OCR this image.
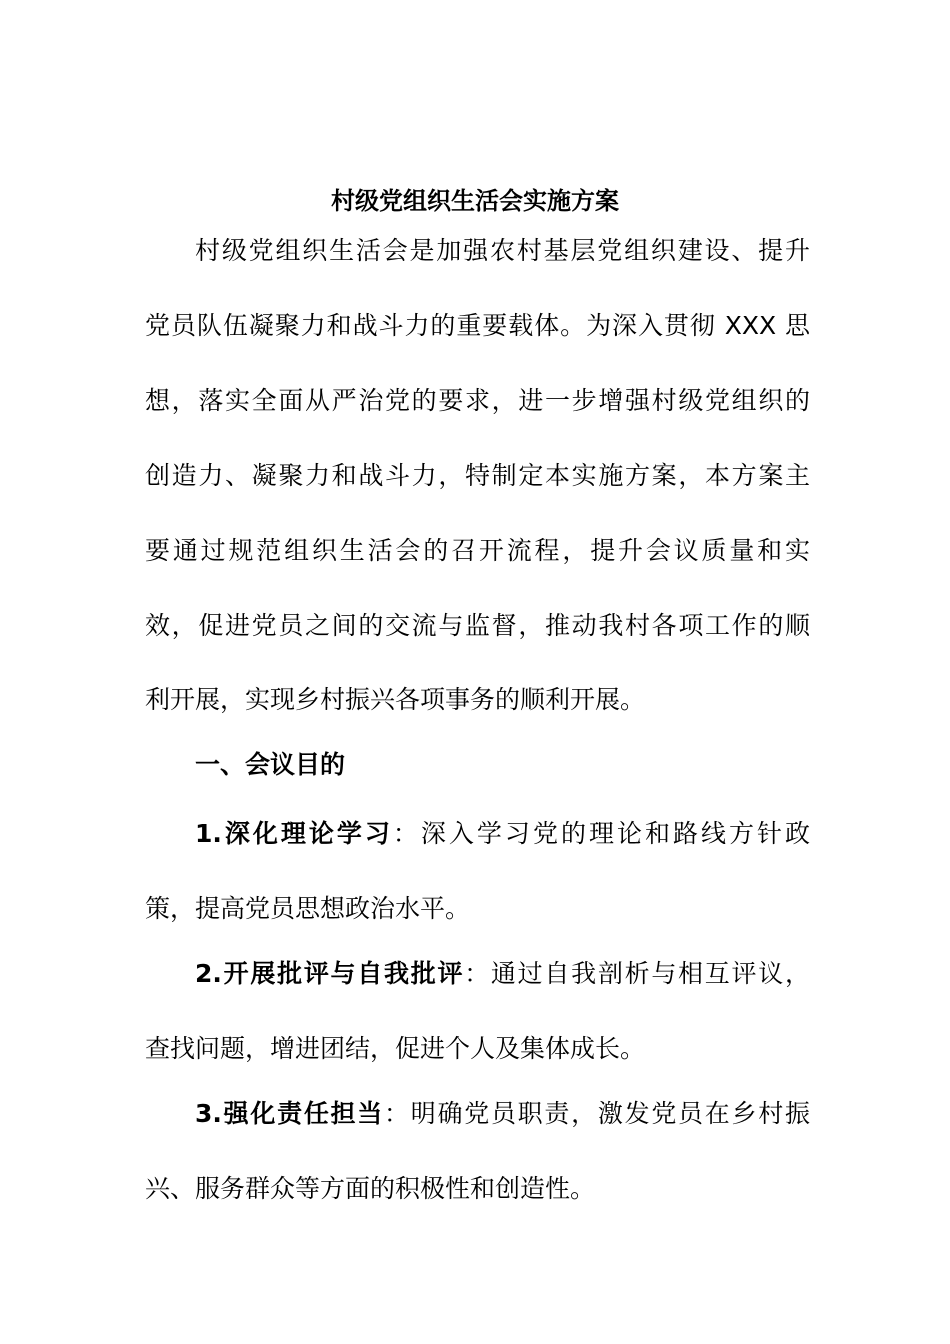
村级党组织生活会实施方案
村级党组织生活会是加强农村基层党组织建设、提升
党员队伍凝聚力和战斗力的重要载体。为深入贯彻 XXX 思
想，落实全面从严治党的要求，进一步增强村级党组织的
创造力、凝聚力和战斗力，特制定本实施方案，本方案主
要通过规范组织生活会的召开流程，提升会议质量和实
效，促进党员之间的交流与监督，推动我村各项工作的顺
利开展，实现乡村振兴各项事务的顺利开展。
一、会议目的
1.深化理论学习：深入学习党的理论和路线方针政
策，提高党员思想政治水平。
2.开展批评与自我批评：通过自我剖析与相互评议，
查找问题，增进团结，促进个人及集体成长。
3.强化责任担当：明确党员职责，激发党员在乡村振
兴、服务群众等方面的积极性和创造性。
